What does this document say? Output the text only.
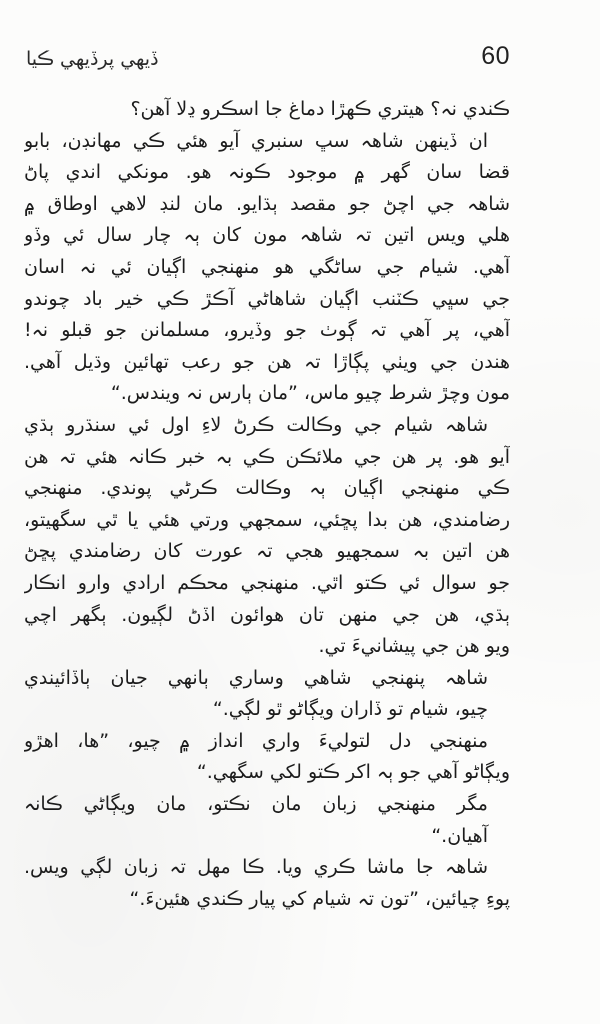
ڏيهي پرڏيهي ڪيا	60
ڪندي نہ؟ هيتري ڪهڙا دماغ جا اسڪرو ڍلا آهن؟
ان ڏينهن شاهہ سڀ سنبري آيو هئي ڪي مهانڊن، بابو
قضا سان گهر ۾ موجود ڪونہ هو. مونکي اندي پاڻ
شاهہ جي اچڻ جو مقصد ٻڌايو. مان لنڊ لاهي اوطاق ۾
هلي ويس اتين تہ شاهہ مون کان ٻہ چار سال ئي وڏو
آهي. شيام جي ساڻگي هو منهنجي اڳيان ئي نہ اسان
جي سڀي ڪٽنب اڳيان شاهاڻي آڪڙ ڪي خير باد چوندو
آهي، پر آهي تہ ڳوٺ جو وڏيرو، مسلمانن جو قبلو نہ!
هندن جي ويٺي پڳاڙا تہ هن جو رعب تهائين وڌيل آهي.
مون وچڙ شرط چيو ماس، ”مان ٻارس نہ ويندس.“
شاهہ شيام جي وڪالت ڪرڻ لاءِ اول ئي سنڌرو ٻڌي
آيو هو. پر هن جي ملائڪن ڪي بہ خبر ڪانہ هئي تہ هن
ڪي منهنجي اڳيان ٻہ وڪالت ڪرڻي پوندي. منهنجي
رضامندي، هن بدا پڇئي، سمجهي ورتي هئي يا ٿي سگهيتو،
هن اتين بہ سمجهيو هجي تہ عورت کان رضامندي پڇڻ
جو سوال ئي ڪتو اٿي. منهنجي محڪم ارادي وارو انڪار
ٻڌي، هن جي منهن تان هوائون اڏڻ لڳيون. ٻگهر اچي
ويو هن جي پيشانيءَ تي.
شاهہ پنهنجي شاهي وساري ٻانهي جيان ٻاڏائيندي
چيو، شيام تو ڏاران ويڳاڻو ٿو لڳي.“
منهنجي دل لتوليءَ واري انداز ۾ چيو، ”ها، اهڙو
ويڳاڻو آهي جو ٻہ اکر ڪتو لکي سگهي.“
مگر منهنجي زبان مان نڪتو، مان ويڳاڻي ڪانہ
آهيان.“
شاهہ جا ماشا ڪري ويا. ڪا مهل تہ زبان لڳي ويس.
پوءِ چيائين، ”تون تہ شيام کي پيار ڪندي هئينءَ.“
